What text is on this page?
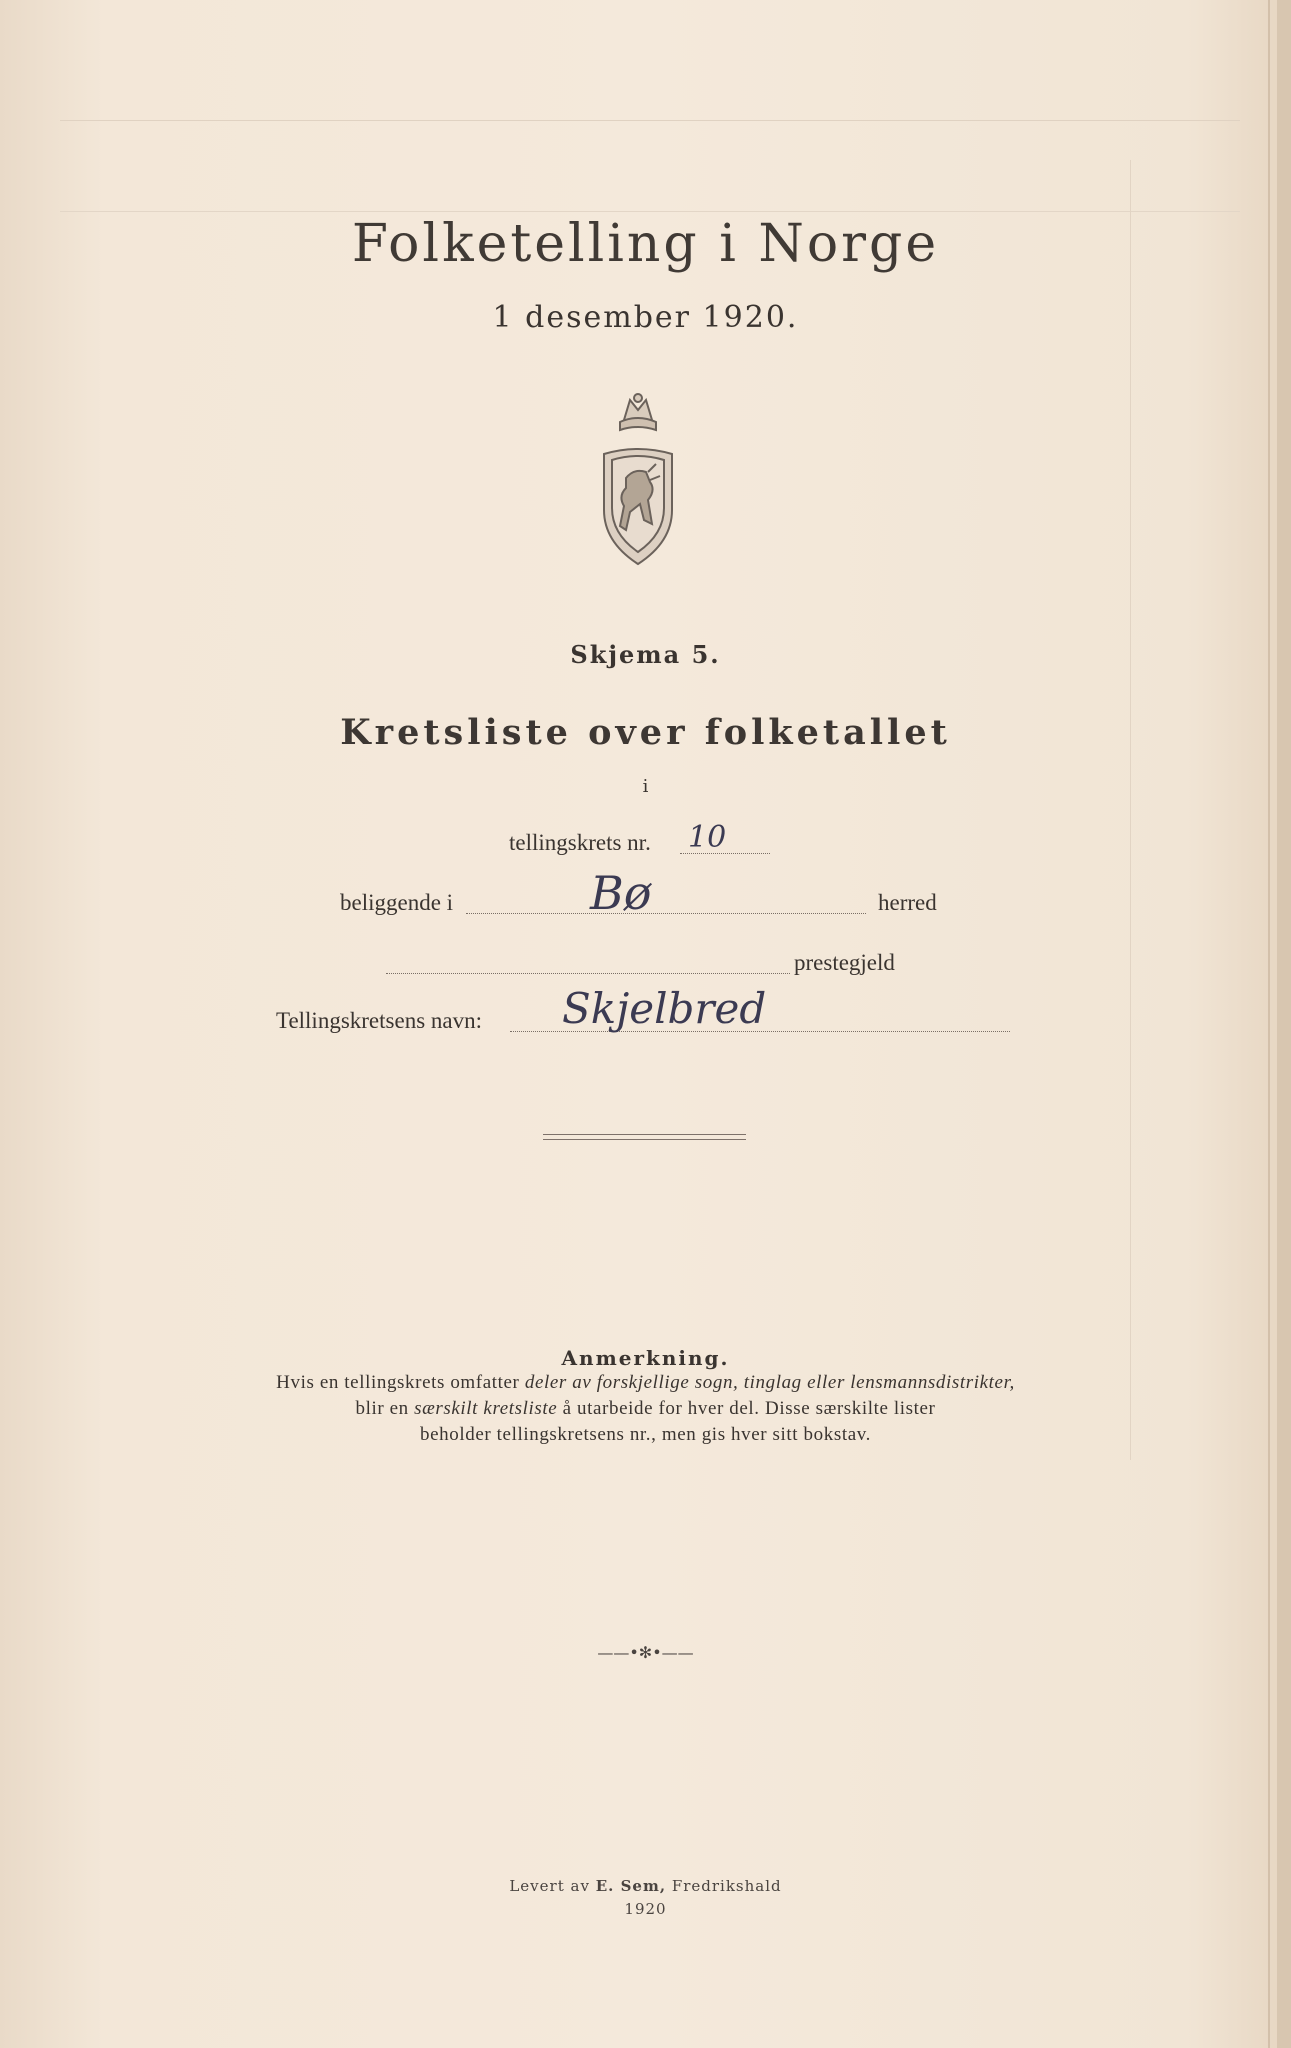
Folketelling i Norge
1 desember 1920.
Skjema 5.
Kretsliste over folketallet
i
tellingskrets nr. 10
beliggende i	Bø	herred
prestegjeld
Tellingskretsens navn: Skjelbred
Anmerkning.
Hvis en tellingskrets omfatter deler av forskjellige sogn, tinglag eller lensmannsdistrikter,
blir en særskilt kretsliste å utarbeide for hver del. Disse særskilte lister
beholder tellingskretsens nr., men gis hver sitt bokstav.
——•✻•——
Levert av E. Sem, Fredrikshald
1920
